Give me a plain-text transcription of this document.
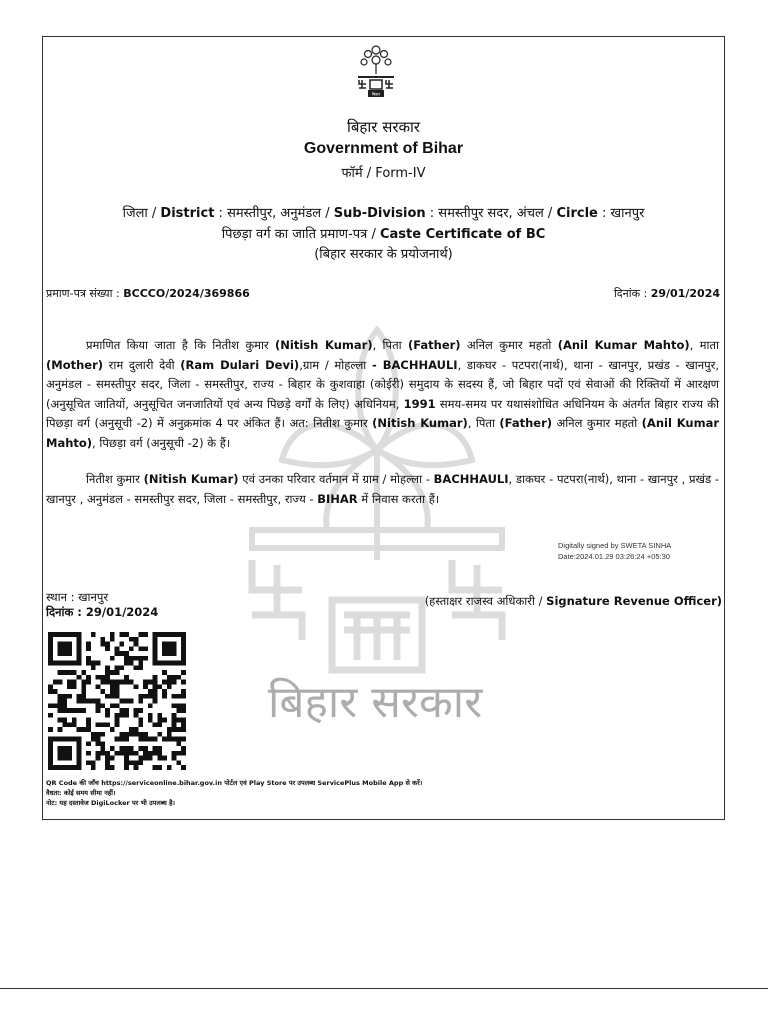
बिहार सरकार
बिहार
बिहार सरकार
Government of Bihar
फॉर्म / Form-IV
जिला / District : समस्तीपुर, अनुमंडल / Sub-Division : समस्तीपुर सदर, अंचल / Circle : खानपुर
पिछड़ा वर्ग का जाति प्रमाण-पत्र / Caste Certificate of BC
(बिहार सरकार के प्रयोजनार्थ)
प्रमाण-पत्र संख्या : BCCCO/2024/369866	दिनांक : 29/01/2024
प्रमाणित किया जाता है कि नितीश कुमार (Nitish Kumar), पिता (Father) अनिल कुमार महतो (Anil Kumar Mahto), माता (Mother) राम दुलारी देवी (Ram Dulari Devi),ग्राम / मोहल्ला - BACHHAULI, डाकघर - पटपरा(नार्थ), थाना - खानपुर, प्रखंड - खानपुर, अनुमंडल - समस्तीपुर सदर, जिला - समस्तीपुर, राज्य - बिहार के कुशवाहा (कोईरी) समुदाय के सदस्य हैं, जो बिहार पदों एवं सेवाओं की रिक्तियों में आरक्षण (अनुसूचित जातियों, अनुसूचित जनजातियों एवं अन्य पिछड़े वर्गों के लिए) अधिनियम, 1991 समय-समय पर यथासंशोधित अधिनियम के अंतर्गत बिहार राज्य की पिछड़ा वर्ग (अनुसूची -2) में अनुक्रमांक 4 पर अंकित हैं। अत: नितीश कुमार (Nitish Kumar), पिता (Father) अनिल कुमार महतो (Anil Kumar Mahto), पिछड़ा वर्ग (अनुसूची -2) के हैं।
नितीश कुमार (Nitish Kumar) एवं उनका परिवार वर्तमान में ग्राम / मोहल्ला - BACHHAULI, डाकघर - पटपरा(नार्थ), थाना - खानपुर , प्रखंड - खानपुर , अनुमंडल - समस्तीपुर सदर, जिला - समस्तीपुर, राज्य - BIHAR में निवास करता हैं।
Digitally signed by SWETA SINHA
Date:2024.01.29 03:26:24 +05:30
स्थान : खानपुर
दिनांक : 29/01/2024
(हस्ताक्षर राजस्व अधिकारी / Signature Revenue Officer)
QR Code की जाँच https://serviceonline.bihar.gov.in पोर्टल एवं Play Store पर उपलब्ध ServicePlus Mobile App से करें।
वैधता: कोई समय सीमा नहीं।
नोट: यह दस्तावेज DigiLocker पर भी उपलब्ध है।
